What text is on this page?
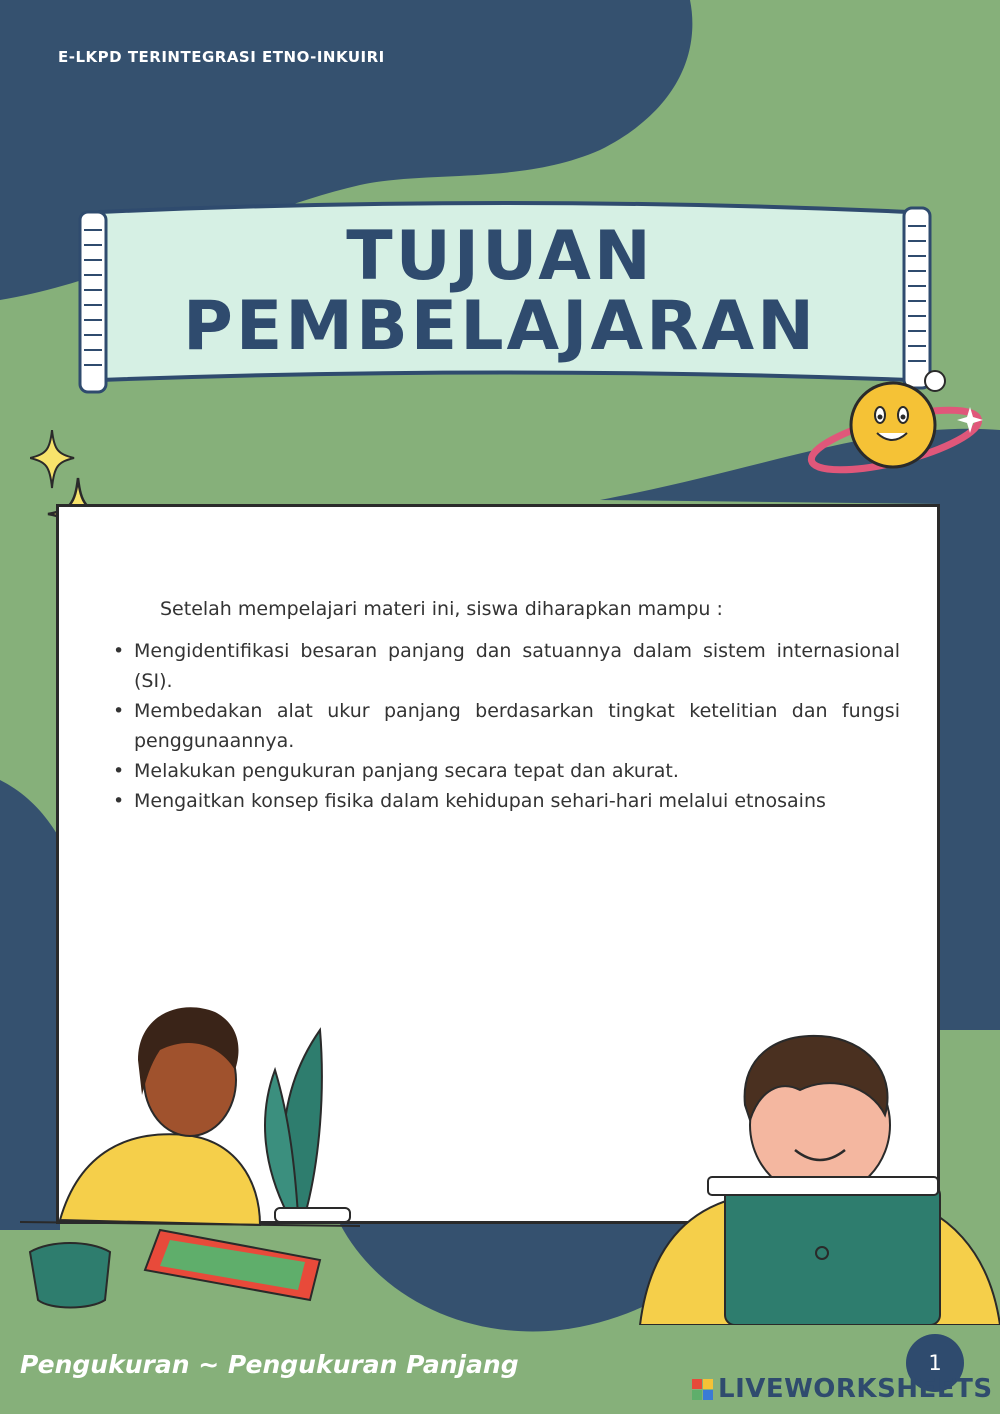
E-LKPD TERINTEGRASI ETNO-INKUIRI
TUJUAN
PEMBELAJARAN
Setelah mempelajari materi ini, siswa diharapkan mampu :
• Mengidentifikasi besaran panjang dan satuannya dalam sistem internasional (SI).
• Membedakan alat ukur panjang berdasarkan tingkat ketelitian dan fungsi penggunaannya.
• Melakukan pengukuran panjang secara tepat dan akurat.
• Mengaitkan konsep fisika dalam kehidupan sehari-hari melalui etnosains
Pengukuran ~ Pengukuran Panjang	1
LIVEWORKSHEETS
